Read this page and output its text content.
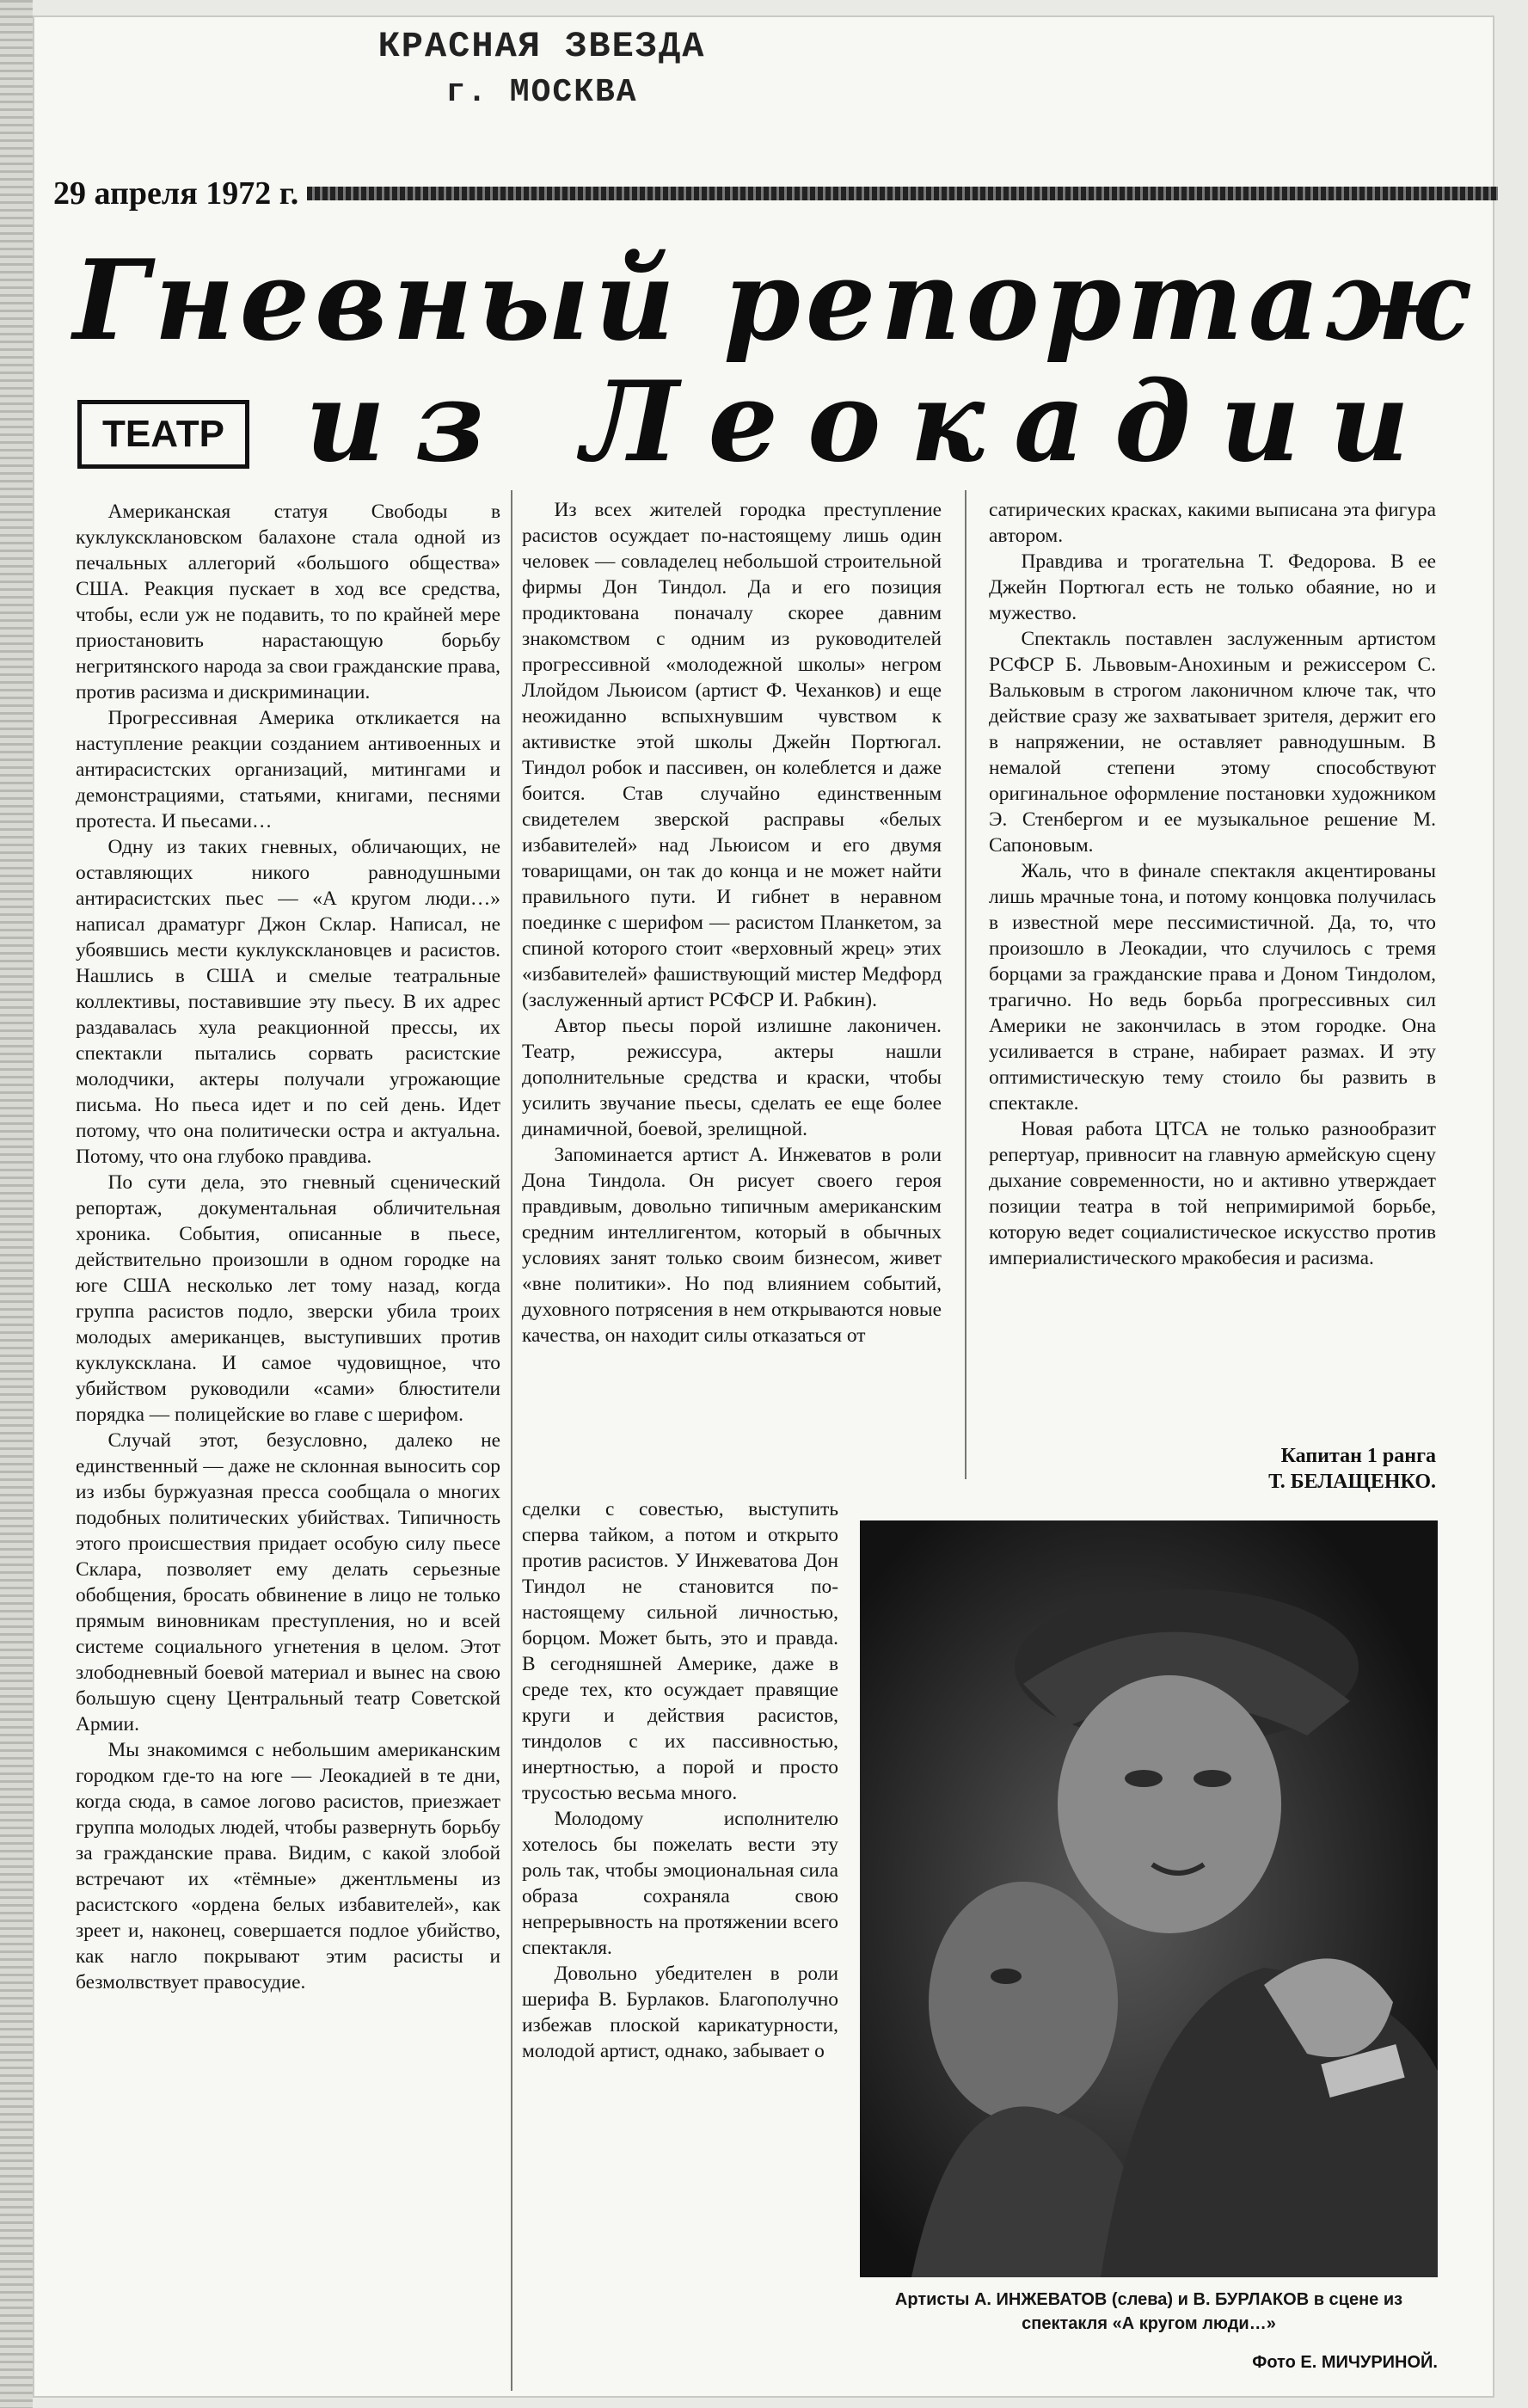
КРАСНАЯ ЗВЕЗДА
г. МОСКВА
29 апреля 1972 г.
Гневный репортаж
из Леокадии
ТЕАТР

Американская статуя Свободы в куклуксклановском балахоне стала одной из печальных аллегорий «большого общества» США. Реакция пускает в ход все средства, чтобы, если уж не подавить, то по крайней мере приостановить нарастающую борьбу негритянского народа за свои гражданские права, против расизма и дискриминации.

Прогрессивная Америка откликается на наступление реакции созданием антивоенных и антирасистских организаций, митингами и демонстрациями, статьями, книгами, песнями протеста. И пьесами…

Одну из таких гневных, обличающих, не оставляющих никого равнодушными антирасистских пьес — «А кругом люди…» написал драматург Джон Склар. Написал, не убоявшись мести куклуксклановцев и расистов. Нашлись в США и смелые театральные коллективы, поставившие эту пьесу. В их адрес раздавалась хула реакционной прессы, их спектакли пытались сорвать расистские молодчики, актеры получали угрожающие письма. Но пьеса идет и по сей день. Идет потому, что она политически остра и актуальна. Потому, что она глубоко правдива.

По сути дела, это гневный сценический репортаж, документальная обличительная хроника. События, описанные в пьесе, действительно произошли в одном городке на юге США несколько лет тому назад, когда группа расистов подло, зверски убила троих молодых американцев, выступивших против куклуксклана. И самое чудовищное, что убийством руководили «сами» блюстители порядка — полицейские во главе с шерифом.

Случай этот, безусловно, далеко не единственный — даже не склонная выносить сор из избы буржуазная пресса сообщала о многих подобных политических убийствах. Типичность этого происшествия придает особую силу пьесе Склара, позволяет ему делать серьезные обобщения, бросать обвинение в лицо не только прямым виновникам преступления, но и всей системе социального угнетения в целом. Этот злободневный боевой материал и вынес на свою большую сцену Центральный театр Советской Армии.

Мы знакомимся с небольшим американским городком где-то на юге — Леокадией в те дни, когда сюда, в самое логово расистов, приезжает группа молодых людей, чтобы развернуть борьбу за гражданские права. Видим, с какой злобой встречают их «тёмные» джентльмены из расистского «ордена белых избавителей», как зреет и, наконец, совершается подлое убийство, как нагло покрывают этим расисты и безмолвствует правосудие.

Из всех жителей городка преступление расистов осуждает по-настоящему лишь один человек — совладелец небольшой строительной фирмы Дон Тиндол. Да и его позиция продиктована поначалу скорее давним знакомством с одним из руководителей прогрессивной «молодежной школы» негром Ллойдом Льюисом (артист Ф. Чеханков) и еще неожиданно вспыхнувшим чувством к активистке этой школы Джейн Портюгал. Тиндол робок и пассивен, он колеблется и даже боится. Став случайно единственным свидетелем зверской расправы «белых избавителей» над Льюисом и его двумя товарищами, он так до конца и не может найти правильного пути. И гибнет в неравном поединке с шерифом — расистом Планкетом, за спиной которого стоит «верховный жрец» этих «избавителей» фашиствующий мистер Медфорд (заслуженный артист РСФСР И. Рабкин).

Автор пьесы порой излишне лаконичен. Театр, режиссура, актеры нашли дополнительные средства и краски, чтобы усилить звучание пьесы, сделать ее еще более динамичной, боевой, зрелищной.

Запоминается артист А. Инжеватов в роли Дона Тиндола. Он рисует своего героя правдивым, довольно типичным американским средним интеллигентом, который в обычных условиях занят только своим бизнесом, живет «вне политики». Но под влиянием событий, духовного потрясения в нем открываются новые качества, он находит силы отказаться от

сделки с совестью, выступить сперва тайком, а потом и открыто против расистов. У Инжеватова Дон Тиндол не становится по-настоящему сильной личностью, борцом. Может быть, это и правда. В сегодняшней Америке, даже в среде тех, кто осуждает правящие круги и действия расистов, тиндолов с их пассивностью, инертностью, а порой и просто трусостью весьма много.

Молодому исполнителю хотелось бы пожелать вести эту роль так, чтобы эмоциональная сила образа сохраняла свою непрерывность на протяжении всего спектакля.

Довольно убедителен в роли шерифа В. Бурлаков. Благополучно избежав плоской карикатурности, молодой артист, однако, забывает о

сатирических красках, какими выписана эта фигура автором.

Правдива и трогательна Т. Федорова. В ее Джейн Портюгал есть не только обаяние, но и мужество.

Спектакль поставлен заслуженным артистом РСФСР Б. Львовым-Анохиным и режиссером С. Вальковым в строгом лаконичном ключе так, что действие сразу же захватывает зрителя, держит его в напряжении, не оставляет равнодушным. В немалой степени этому способствуют оригинальное оформление постановки художником Э. Стенбергом и ее музыкальное решение М. Сапоновым.

Жаль, что в финале спектакля акцентированы лишь мрачные тона, и потому концовка получилась в известной мере пессимистичной. Да, то, что произошло в Леокадии, что случилось с тремя борцами за гражданские права и Доном Тиндолом, трагично. Но ведь борьба прогрессивных сил Америки не закончилась в этом городке. Она усиливается в стране, набирает размах. И эту оптимистическую тему стоило бы развить в спектакле.

Новая работа ЦТСА не только разнообразит репертуар, привносит на главную армейскую сцену дыхание современности, но и активно утверждает позиции театра в той непримиримой борьбе, которую ведет социалистическое искусство против империалистического мракобесия и расизма.

Капитан 1 ранга
Т. БЕЛАЩЕНКО.
Артисты А. ИНЖЕВАТОВ (слева) и В. БУРЛАКОВ в сцене из спектакля «А кругом люди…»
Фото Е. МИЧУРИНОЙ.
